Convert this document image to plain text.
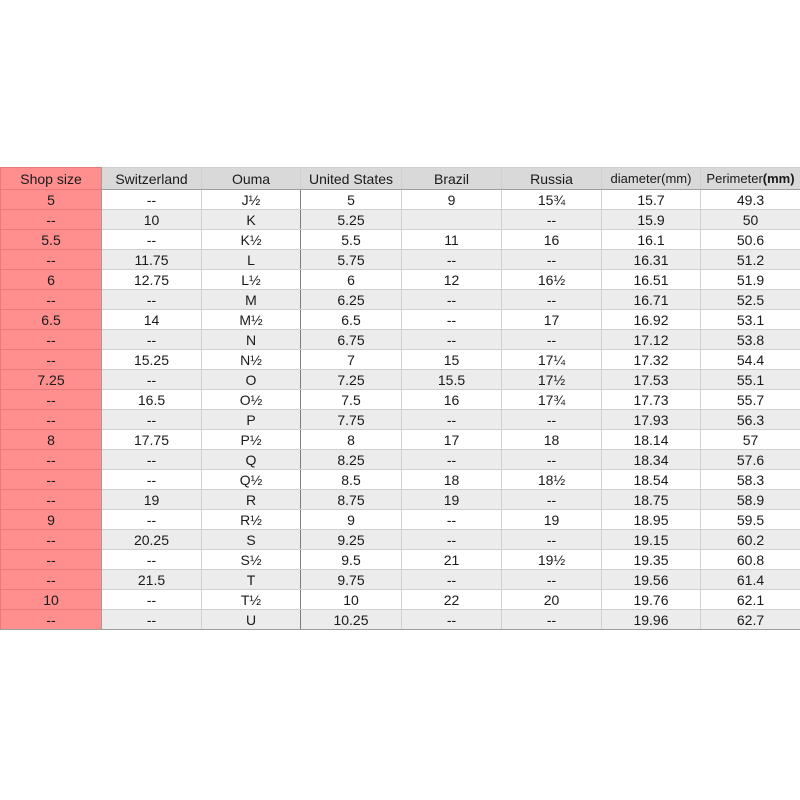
Shop size	Switzerland	Ouma	United States	Brazil	Russia	diameter(mm)	Perimeter(mm)
5	--	J½	5	9	15¾	15.7	49.3
--	10	K	5.25		--	15.9	50
5.5	--	K½	5.5	11	16	16.1	50.6
--	11.75	L	5.75	--	--	16.31	51.2
6	12.75	L½	6	12	16½	16.51	51.9
--	--	M	6.25	--	--	16.71	52.5
6.5	14	M½	6.5	--	17	16.92	53.1
--	--	N	6.75	--	--	17.12	53.8
--	15.25	N½	7	15	17¼	17.32	54.4
7.25	--	O	7.25	15.5	17½	17.53	55.1
--	16.5	O½	7.5	16	17¾	17.73	55.7
--	--	P	7.75	--	--	17.93	56.3
8	17.75	P½	8	17	18	18.14	57
--	--	Q	8.25	--	--	18.34	57.6
--	--	Q½	8.5	18	18½	18.54	58.3
--	19	R	8.75	19	--	18.75	58.9
9	--	R½	9	--	19	18.95	59.5
--	20.25	S	9.25	--	--	19.15	60.2
--	--	S½	9.5	21	19½	19.35	60.8
--	21.5	T	9.75	--	--	19.56	61.4
10	--	T½	10	22	20	19.76	62.1
--	--	U	10.25	--	--	19.96	62.7
